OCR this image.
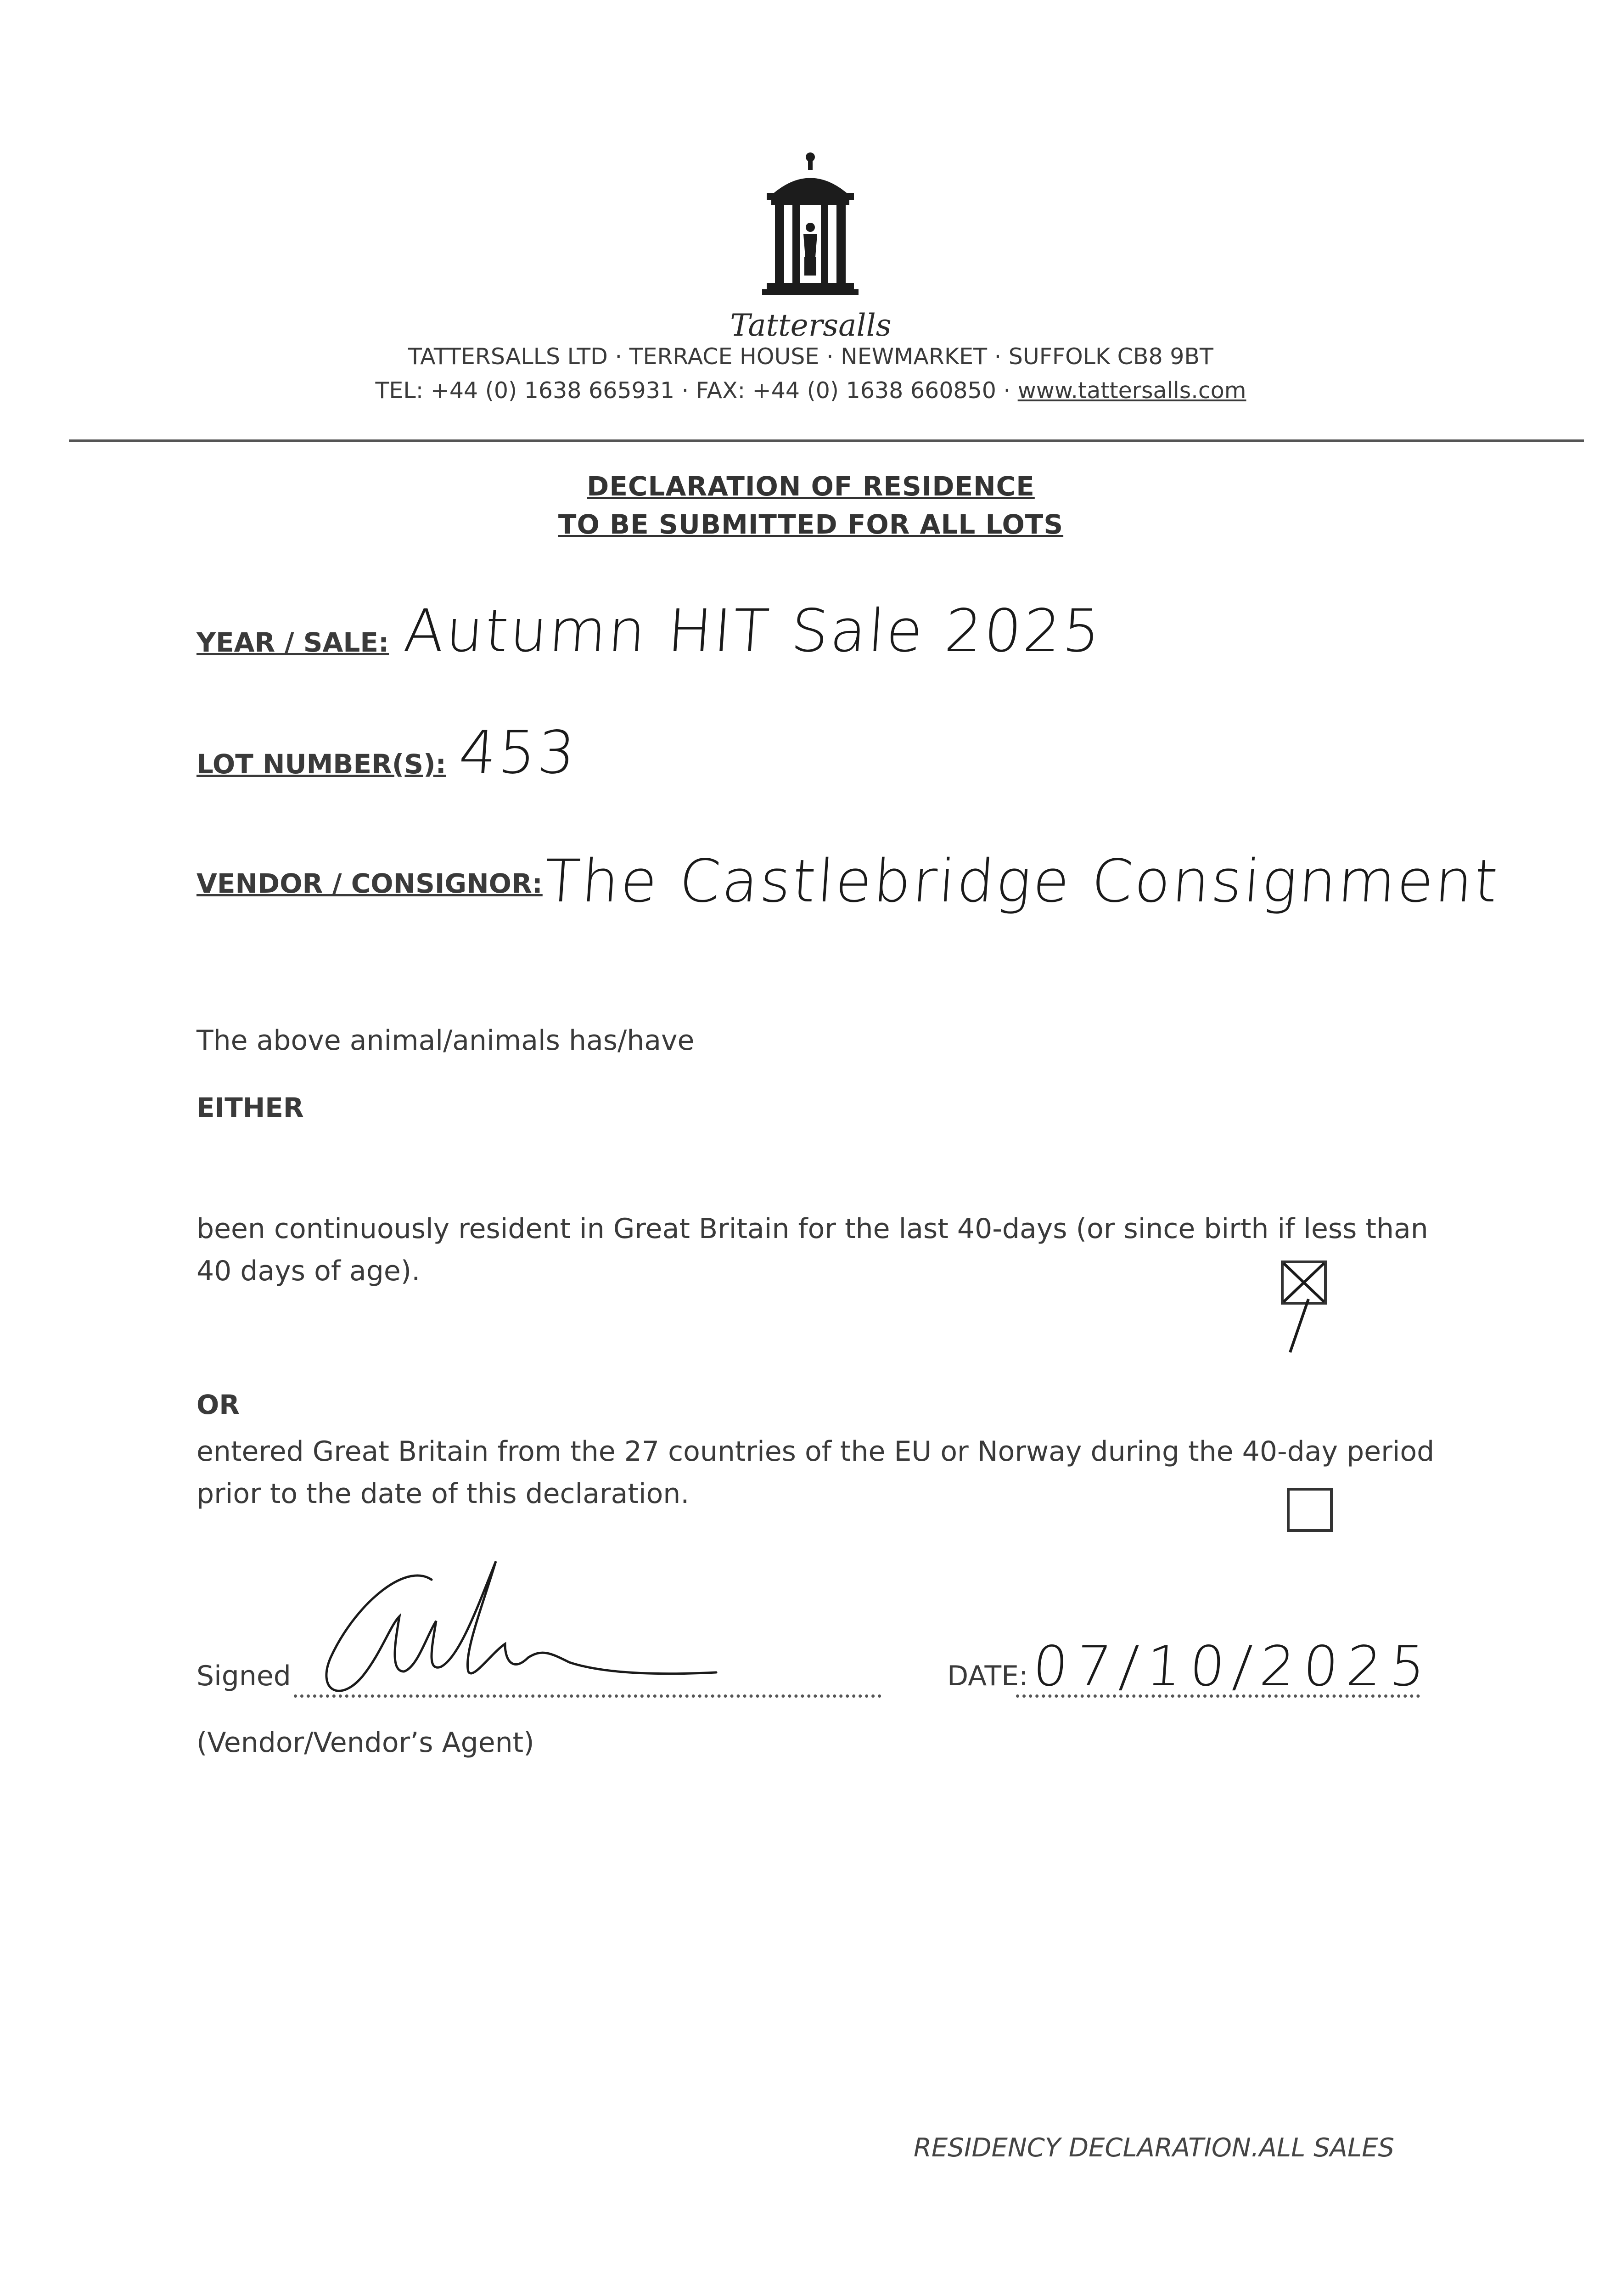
Tattersalls
TATTERSALLS LTD · TERRACE HOUSE · NEWMARKET · SUFFOLK CB8 9BT
TEL: +44 (0) 1638 665931 · FAX: +44 (0) 1638 660850 · www.tattersalls.com
DECLARATION OF RESIDENCE
TO BE SUBMITTED FOR ALL LOTS
YEAR / SALE: Autumn HIT Sale 2025
LOT NUMBER(S): 453
VENDOR / CONSIGNOR:
The Castlebridge Consignment
The above animal/animals has/have
EITHER
been continuously resident in Great Britain for the last 40-days (or since birth if less than 40 days of age).
OR
entered Great Britain from the 27 countries of the EU or Norway during the 40-day period prior to the date of this declaration.
Signed
(Vendor/Vendor’s Agent)
DATE: 07/10/2025
RESIDENCY DECLARATION.ALL SALES
